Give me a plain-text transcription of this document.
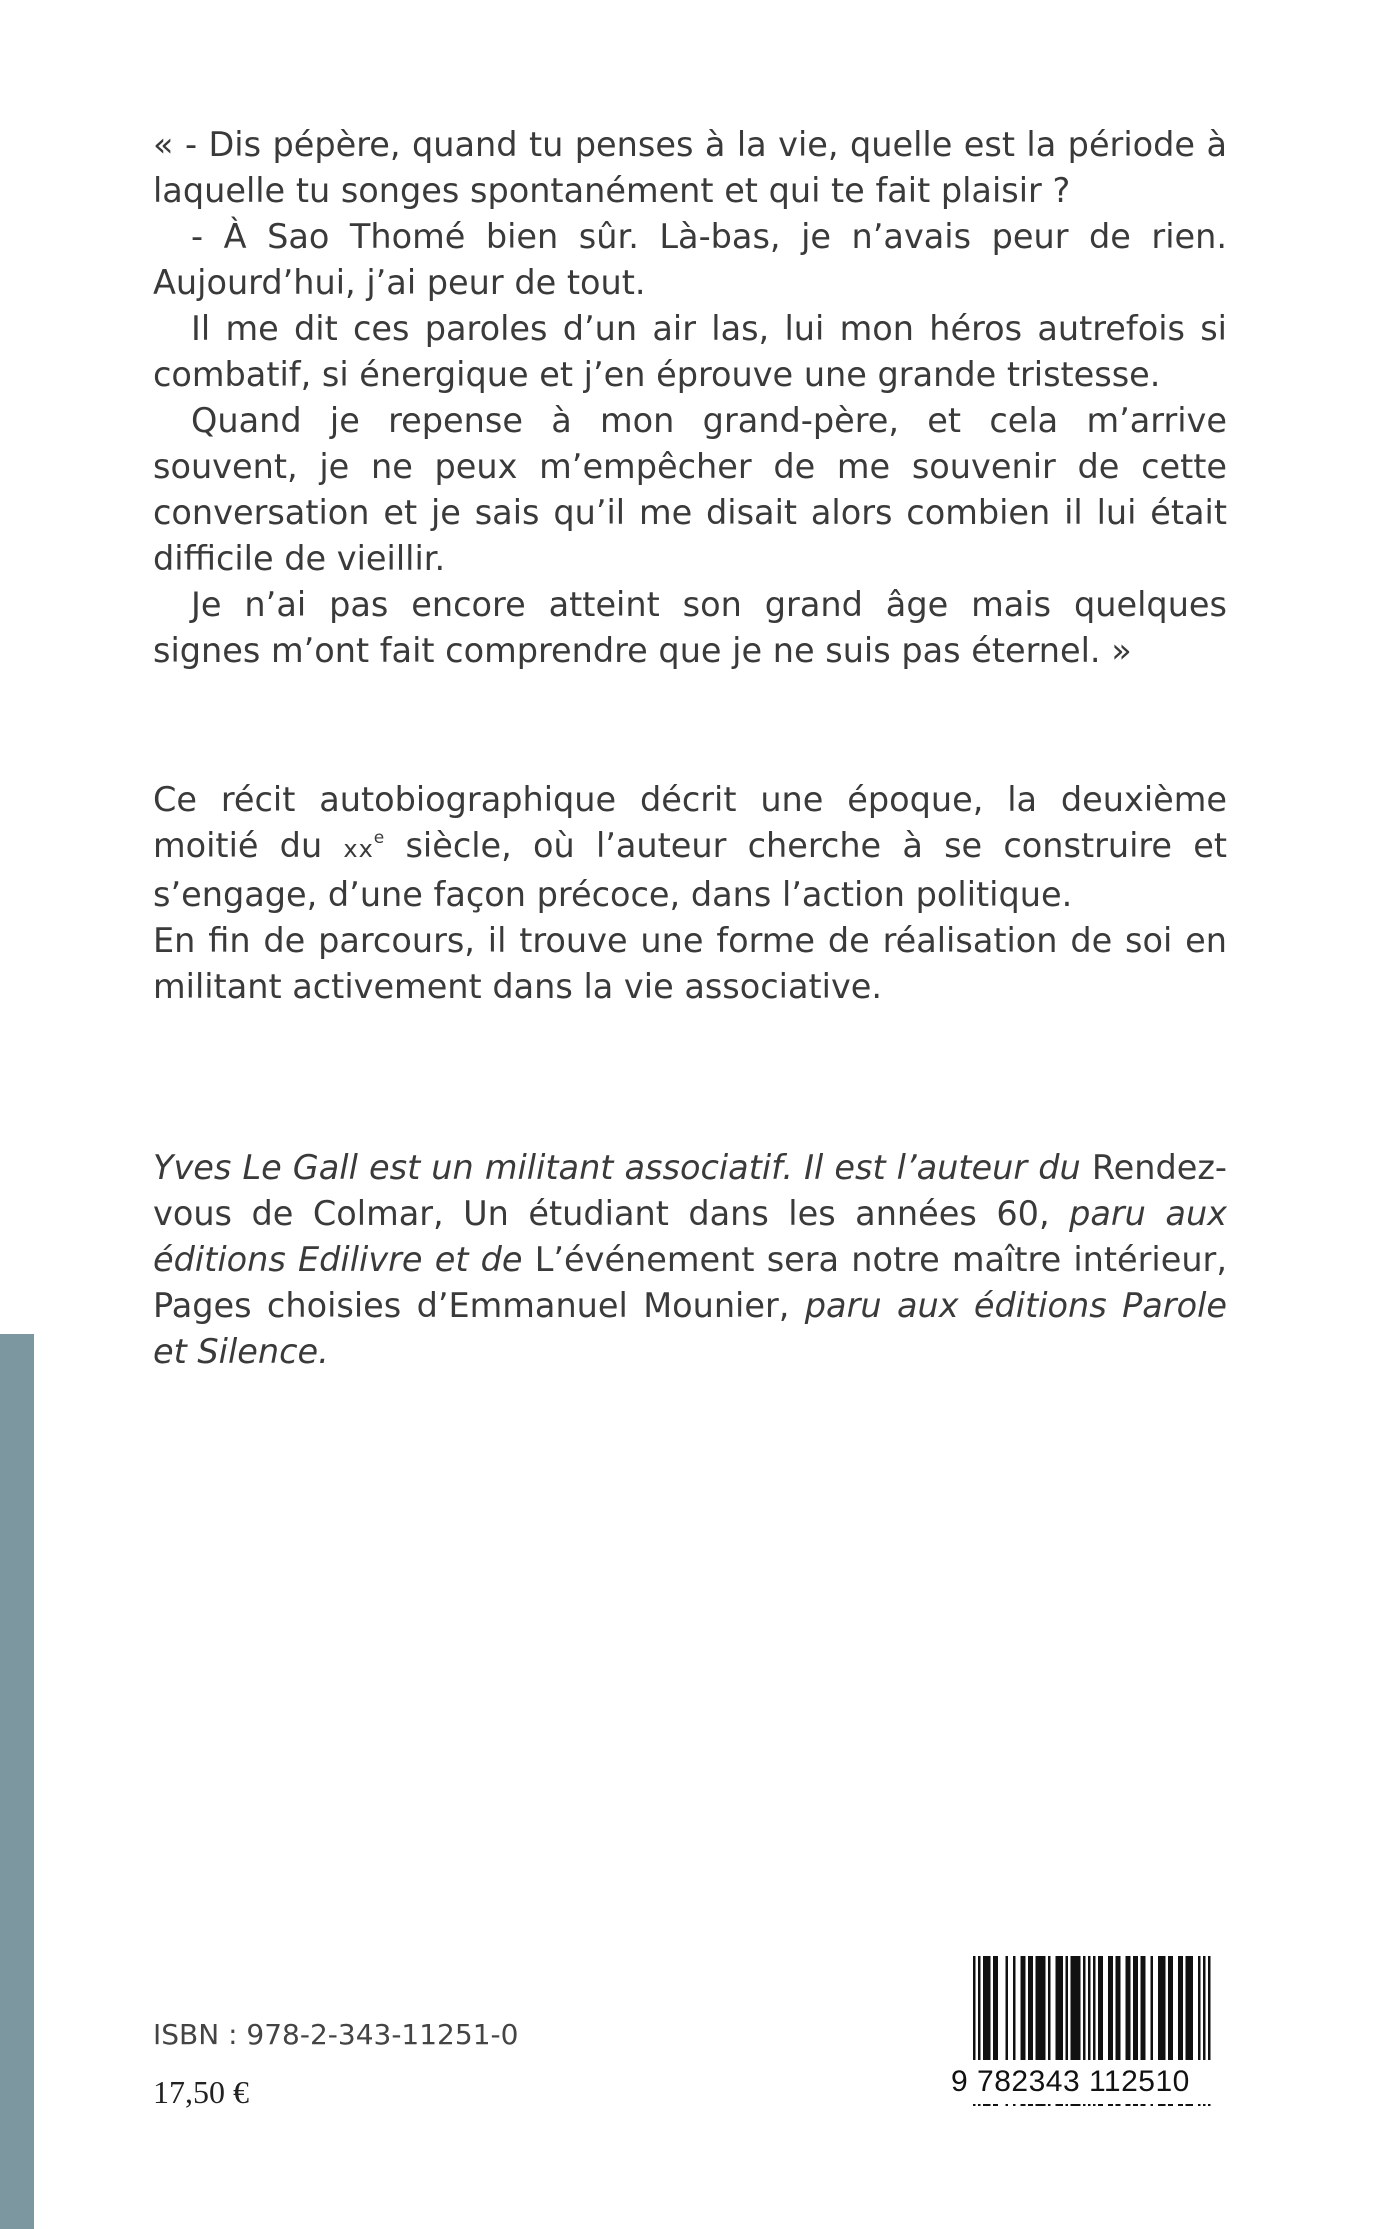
« - Dis pépère, quand tu penses à la vie, quelle est la période à laquelle tu songes spontanément et qui te fait plaisir ?

- À Sao Thomé bien sûr. Là-bas, je n’avais peur de rien. Aujourd’hui, j’ai peur de tout.

Il me dit ces paroles d’un air las, lui mon héros autrefois si combatif, si énergique et j’en éprouve une grande tristesse.

Quand je repense à mon grand-père, et cela m’arrive souvent, je ne peux m’empêcher de me souvenir de cette conversation et je sais qu’il me disait alors combien il lui était difficile de vieillir.

Je n’ai pas encore atteint son grand âge mais quelques signes m’ont fait comprendre que je ne suis pas éternel. »

Ce récit autobiographique décrit une époque, la deuxième moitié du $xx^e$ siècle, où l’auteur cherche à se construire et s’engage, d’une façon précoce, dans l’action politique.

En fin de parcours, il trouve une forme de réalisation de soi en militant activement dans la vie associative.

Yves Le Gall est un militant associatif. Il est l’auteur du Rendez-vous de Colmar, Un étudiant dans les années 60, paru aux éditions Edilivre et de L’événement sera notre maître intérieur, Pages choisies d’Emmanuel Mounier, paru aux éditions Parole et Silence.

ISBN : 978-2-343-11251-0
17,50 €	9 782343 112510
